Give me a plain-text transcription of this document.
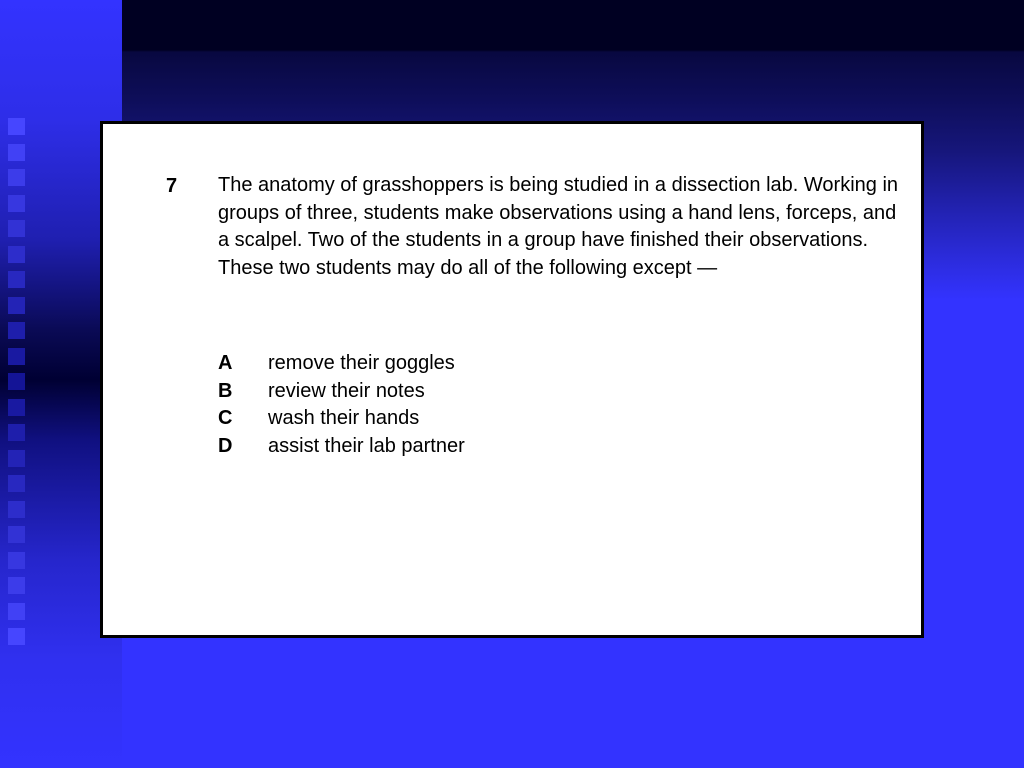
7 The anatomy of grasshoppers is being studied in a dissection lab. Working in groups of three, students make observations using a hand lens, forceps, and a scalpel. Two of the students in a group have finished their observations. These two students may do all of the following except —
A	remove their goggles
B	review their notes
C	wash their hands
D	assist their lab partner
